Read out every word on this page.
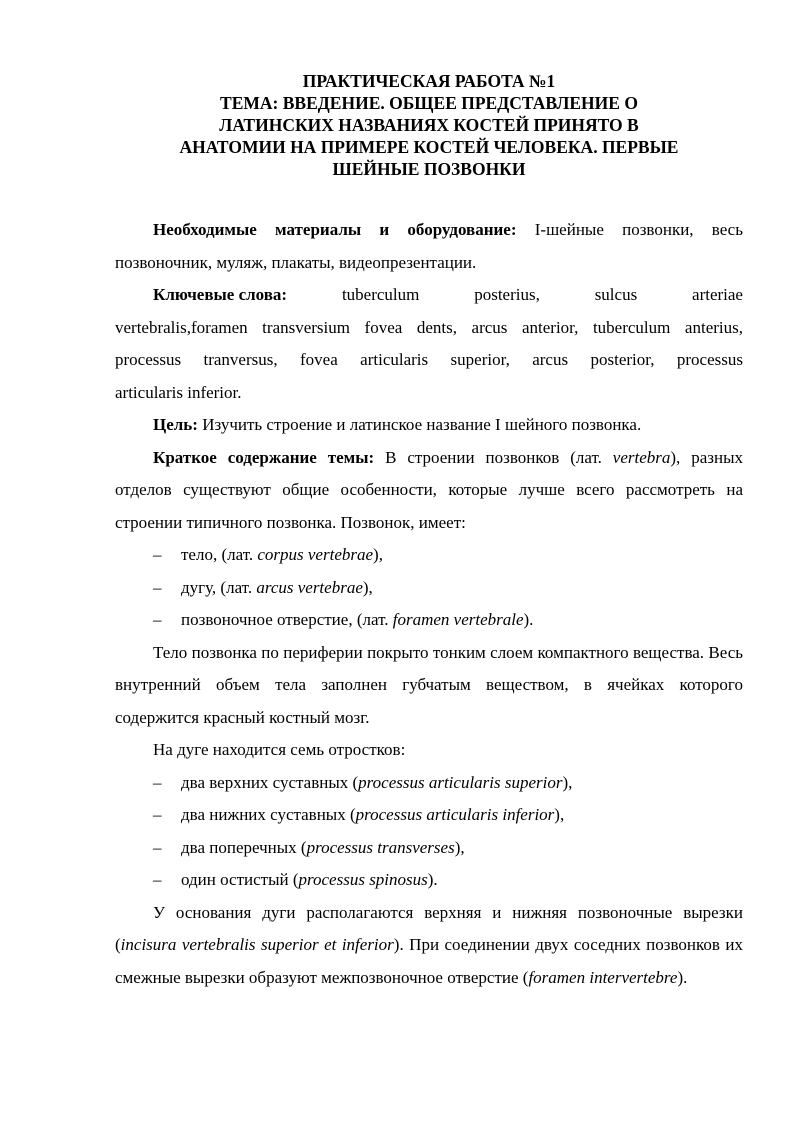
ПРАКТИЧЕСКАЯ РАБОТА №1
ТЕМА: ВВЕДЕНИЕ. ОБЩЕЕ ПРЕДСТАВЛЕНИЕ О
ЛАТИНСКИХ НАЗВАНИЯХ КОСТЕЙ ПРИНЯТО В
АНАТОМИИ НА ПРИМЕРЕ КОСТЕЙ ЧЕЛОВЕКА. ПЕРВЫЕ
ШЕЙНЫЕ ПОЗВОНКИ

Необходимые материалы и оборудование: I-шейные позвонки, весь позвоночник, муляж, плакаты, видеопрезентации.

Ключевые слова:	tuberculum	posterius,	sulcus	arteriae

vertebralis,foramen transversium fovea dents, arcus anterior, tuberculum anterius,

processus tranversus, fovea articularis superior, arcus posterior, processus

articularis inferior.

Цель: Изучить строение и латинское название I шейного позвонка.

Краткое содержание темы: В строении позвонков (лат. vertebra), разных отделов существуют общие особенности, которые лучше всего рассмотреть на строении типичного позвонка. Позвонок, имеет:

–	тело, (лат. corpus vertebrae),
–	дугу, (лат. arcus vertebrae),
–	позвоночное отверстие, (лат. foramen vertebrale).

Тело позвонка по периферии покрыто тонким слоем компактного вещества. Весь внутренний объем тела заполнен губчатым веществом, в ячейках которого содержится красный костный мозг.

На дуге находится семь отростков:

–	два верхних суставных (processus articularis superior),
–	два нижних суставных (processus articularis inferior),
–	два поперечных (processus transverses),
–	один остистый (processus spinosus).

У основания дуги располагаются верхняя и нижняя позвоночные вырезки (incisura vertebralis superior et inferior). При соединении двух соседних позвонков их смежные вырезки образуют межпозвоночное отверстие (foramen intervertebre).
